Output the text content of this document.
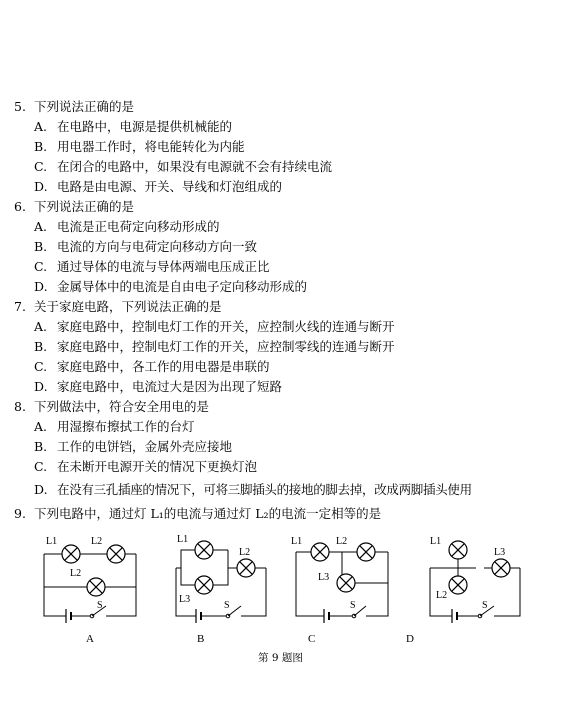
5. 下列说法正确的是
A. 在电路中，电源是提供机械能的
B. 用电器工作时，将电能转化为内能
C. 在闭合的电路中，如果没有电源就不会有持续电流
D. 电路是由电源、开关、导线和灯泡组成的
6. 下列说法正确的是
A. 电流是正电荷定向移动形成的
B. 电流的方向与电荷定向移动方向一致
C. 通过导体的电流与导体两端电压成正比
D. 金属导体中的电流是自由电子定向移动形成的
7. 关于家庭电路，下列说法正确的是
A. 家庭电路中，控制电灯工作的开关，应控制火线的连通与断开
B. 家庭电路中，控制电灯工作的开关，应控制零线的连通与断开
C. 家庭电路中，各工作的用电器是串联的
D. 家庭电路中，电流过大是因为出现了短路
8. 下列做法中，符合安全用电的是
A. 用湿擦布擦拭工作的台灯
B. 工作的电饼铛，金属外壳应接地
C. 在未断开电源开关的情况下更换灯泡
D. 在没有三孔插座的情况下，可将三脚插头的接地的脚去掉，改成两脚插头使用
9. 下列电路中，通过灯 L₁的电流与通过灯 L₂的电流一定相等的是
L1	L2
L2
S
L1
L2
L3
S
L1	L2
L3
S
L1
L3
L2
S
A	B	C	D
第 9 题图
